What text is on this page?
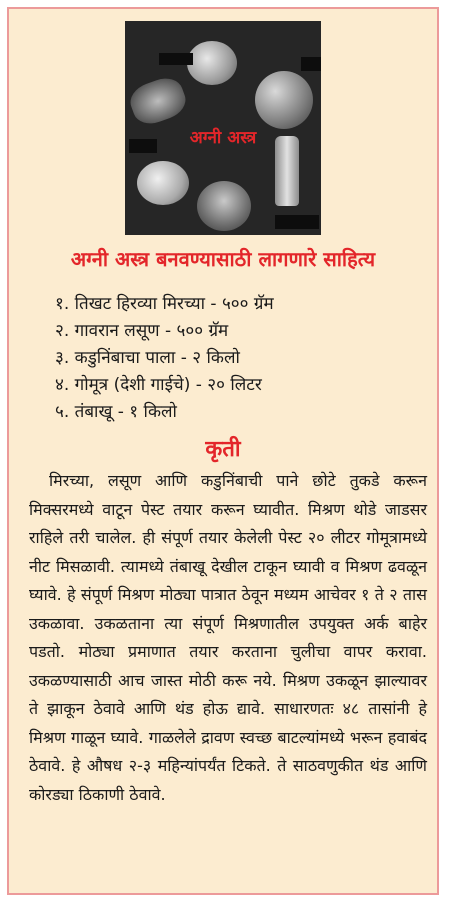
अग्नी अस्त्र
अग्नी अस्त्र बनवण्यासाठी लागणारे साहित्य
१. तिखट हिरव्या मिरच्या - ५०० ग्रॅम
२. गावरान लसूण - ५०० ग्रॅम
३. कडुनिंबाचा पाला - २ किलो
४. गोमूत्र (देशी गाईचे) - २० लिटर
५. तंबाखू - १ किलो
कृती

मिरच्या, लसूण आणि कडुनिंबाची पाने छोटे तुकडे करून मिक्सरमध्ये वाटून पेस्ट तयार करून घ्यावीत. मिश्रण थोडे जाडसर राहिले तरी चालेल. ही संपूर्ण तयार केलेली पेस्ट २० लीटर गोमूत्रामध्ये नीट मिसळावी. त्यामध्ये तंबाखू देखील टाकून घ्यावी व मिश्रण ढवळून घ्यावे. हे संपूर्ण मिश्रण मोठ्या पात्रात ठेवून मध्यम आचेवर १ ते २ तास उकळावा. उकळताना त्या संपूर्ण मिश्रणातील उपयुक्त अर्क बाहेर पडतो. मोठ्या प्रमाणात तयार करताना चुलीचा वापर करावा. उकळण्यासाठी आच जास्त मोठी करू नये. मिश्रण उकळून झाल्यावर ते झाकून ठेवावे आणि थंड होऊ द्यावे. साधारणतः ४८ तासांनी हे मिश्रण गाळून घ्यावे. गाळलेले द्रावण स्वच्छ बाटल्यांमध्ये भरून हवाबंद ठेवावे. हे औषध २-३ महिन्यांपर्यंत टिकते. ते साठवणुकीत थंड आणि कोरड्या ठिकाणी ठेवावे.
